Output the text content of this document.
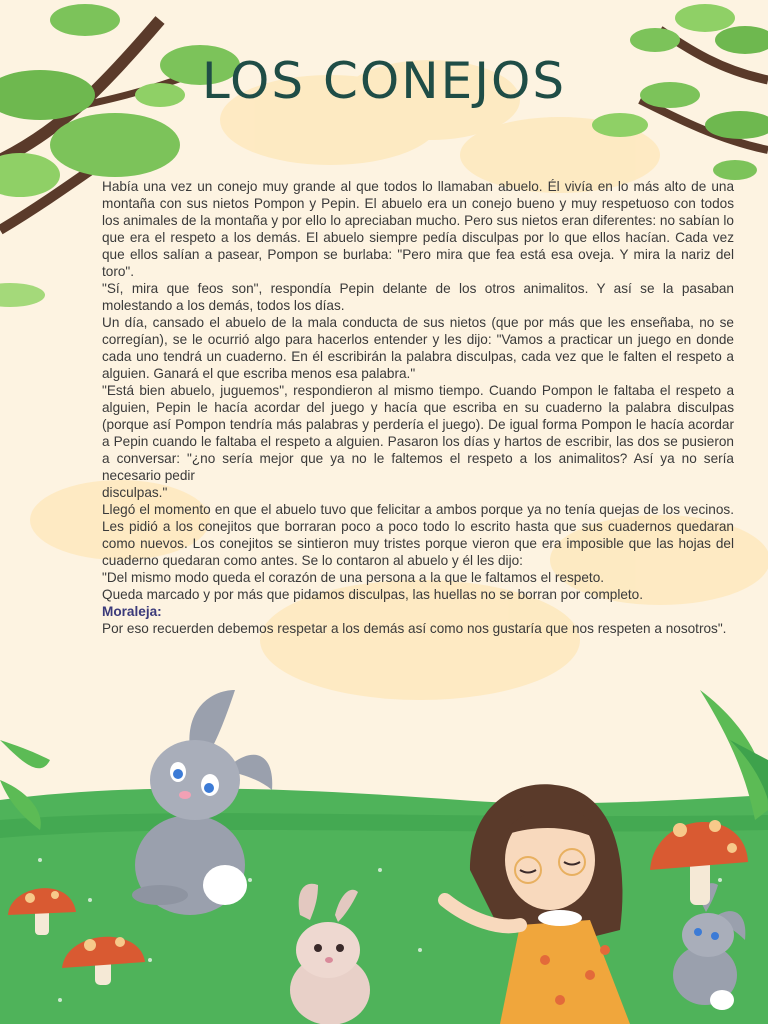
LOS CONEJOS

Había una vez un conejo muy grande al que todos lo llamaban abuelo. Él vivía en lo más alto de una montaña con sus nietos Pompon y Pepin. El abuelo era un conejo bueno y muy respetuoso con todos los animales de la montaña y por ello lo apreciaban mucho. Pero sus nietos eran diferentes: no sabían lo que era el respeto a los demás. El abuelo siempre pedía disculpas por lo que ellos hacían. Cada vez que ellos salían a pasear, Pompon se burlaba: "Pero mira que fea está esa oveja. Y mira la nariz del toro".

"Sí, mira que feos son", respondía Pepin delante de los otros animalitos. Y así se la pasaban molestando a los demás, todos los días.

Un día, cansado el abuelo de la mala conducta de sus nietos (que por más que les enseñaba, no se corregían), se le ocurrió algo para hacerlos entender y les dijo: "Vamos a practicar un juego en donde cada uno tendrá un cuaderno. En él escribirán la palabra disculpas, cada vez que le falten el respeto a alguien. Ganará el que escriba menos esa palabra."

"Está bien abuelo, juguemos", respondieron al mismo tiempo. Cuando Pompon le faltaba el respeto a alguien, Pepin le hacía acordar del juego y hacía que escriba en su cuaderno la palabra disculpas (porque así Pompon tendría más palabras y perdería el juego). De igual forma Pompon le hacía acordar a Pepin cuando le faltaba el respeto a alguien. Pasaron los días y hartos de escribir, las dos se pusieron a conversar: "¿no sería mejor que ya no le faltemos el respeto a los animalitos? Así ya no sería necesario pedir

disculpas."

Llegó el momento en que el abuelo tuvo que felicitar a ambos porque ya no tenía quejas de los vecinos. Les pidió a los conejitos que borraran poco a poco todo lo escrito hasta que sus cuadernos quedaran como nuevos. Los conejitos se sintieron muy tristes porque vieron que era imposible que las hojas del cuaderno quedaran como antes. Se lo contaron al abuelo y él les dijo:

"Del mismo modo queda el corazón de una persona a la que le faltamos el respeto.

Queda marcado y por más que pidamos disculpas, las huellas no se borran por completo.

Moraleja:

Por eso recuerden debemos respetar a los demás así como nos gustaría que nos respeten a nosotros".
